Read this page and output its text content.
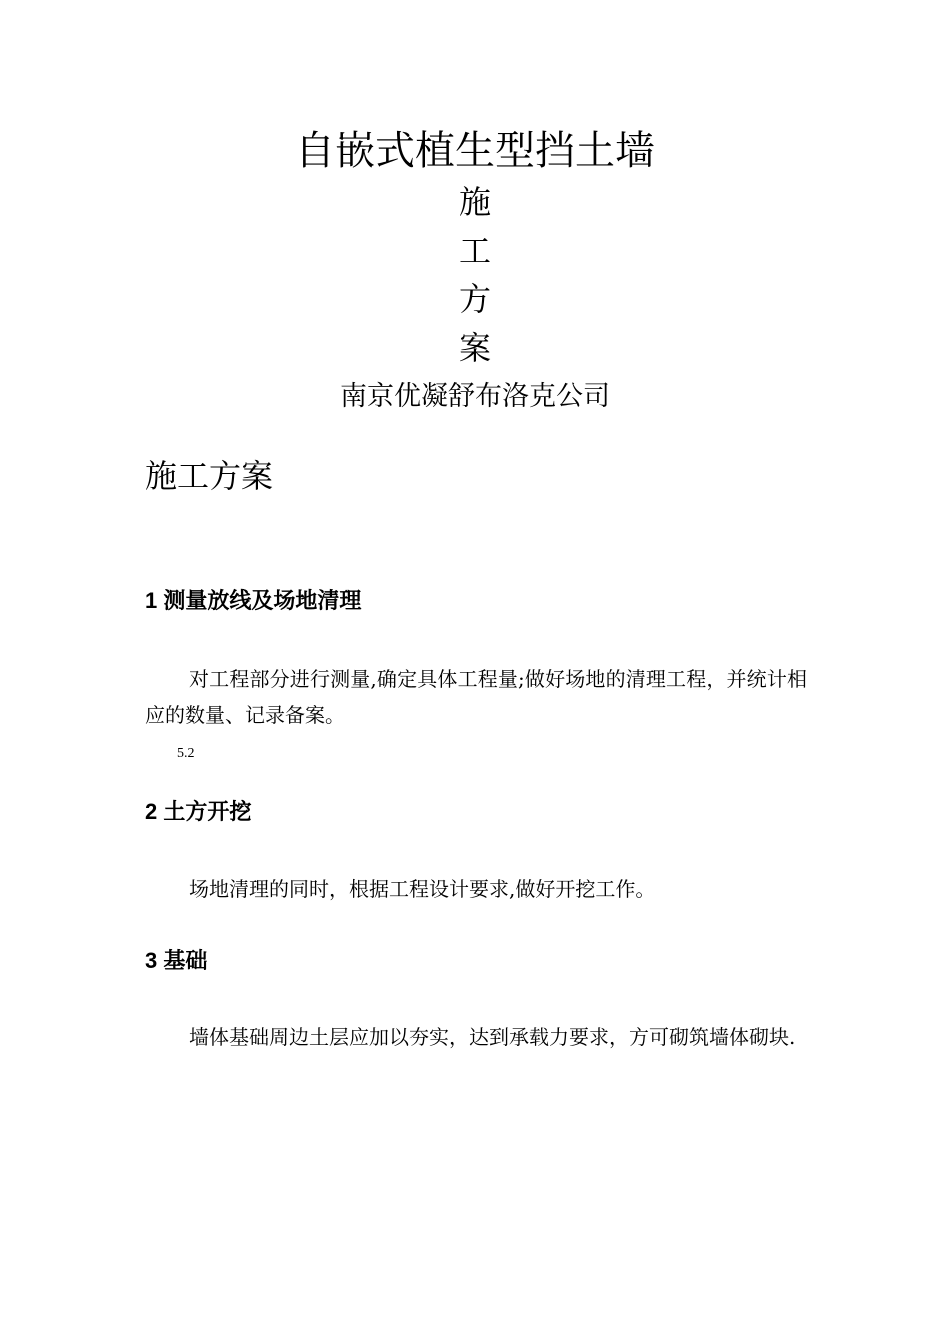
自嵌式植生型挡土墙
施
工
方
案
南京优凝舒布洛克公司
施工方案
1 测量放线及场地清理
对工程部分进行测量,确定具体工程量;做好场地的清理工程，并统计相应的数量、记录备案。
5.2
2 土方开挖
场地清理的同时，根据工程设计要求,做好开挖工作。
3 基础
墙体基础周边土层应加以夯实，达到承载力要求，方可砌筑墙体砌块.
